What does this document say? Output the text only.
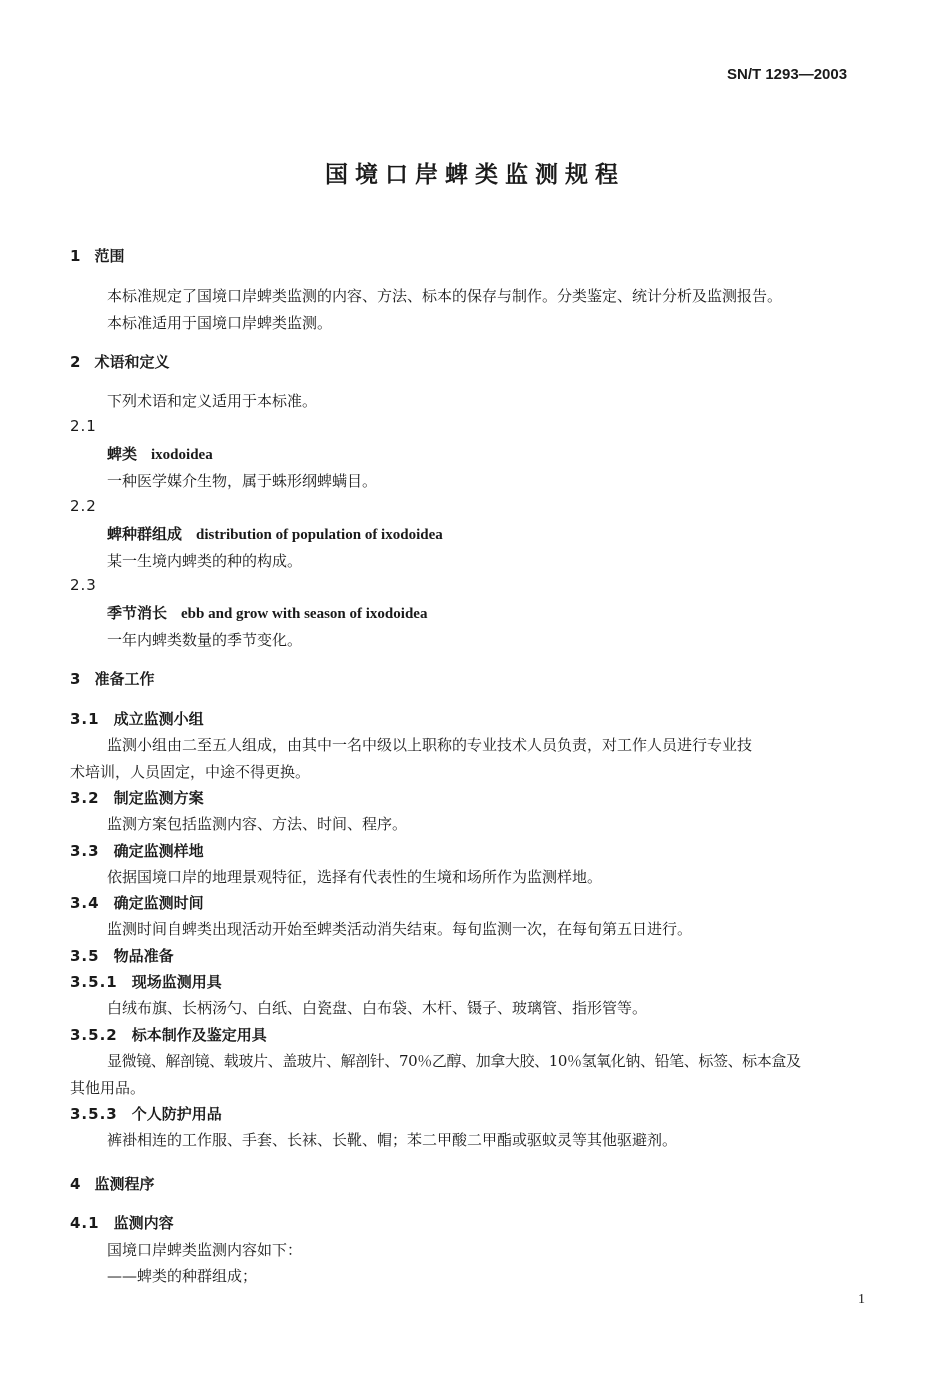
SN/T 1293—2003
国境口岸蜱类监测规程
1 范围
本标准规定了国境口岸蜱类监测的内容、方法、标本的保存与制作。分类鉴定、统计分析及监测报告。
本标准适用于国境口岸蜱类监测。
2 术语和定义
下列术语和定义适用于本标准。
2.1
蜱类 ixodoidea
一种医学媒介生物，属于蛛形纲蜱螨目。
2.2
蜱种群组成 distribution of population of ixodoidea
某一生境内蜱类的种的构成。
2.3
季节消长 ebb and grow with season of ixodoidea
一年内蜱类数量的季节变化。
3 准备工作
3.1 成立监测小组
监测小组由二至五人组成，由其中一名中级以上职称的专业技术人员负责，对工作人员进行专业技
术培训，人员固定，中途不得更换。
3.2 制定监测方案
监测方案包括监测内容、方法、时间、程序。
3.3 确定监测样地
依据国境口岸的地理景观特征，选择有代表性的生境和场所作为监测样地。
3.4 确定监测时间
监测时间自蜱类出现活动开始至蜱类活动消失结束。每旬监测一次，在每旬第五日进行。
3.5 物品准备
3.5.1 现场监测用具
白绒布旗、长柄汤勺、白纸、白瓷盘、白布袋、木杆、镊子、玻璃管、指形管等。
3.5.2 标本制作及鉴定用具
显微镜、解剖镜、载玻片、盖玻片、解剖针、70％乙醇、加拿大胶、10％氢氧化钠、铅笔、标签、标本盒及
其他用品。
3.5.3 个人防护用品
裤褂相连的工作服、手套、长袜、长靴、帽；苯二甲酸二甲酯或驱蚊灵等其他驱避剂。
4 监测程序
4.1 监测内容
国境口岸蜱类监测内容如下：
——蜱类的种群组成；
1
